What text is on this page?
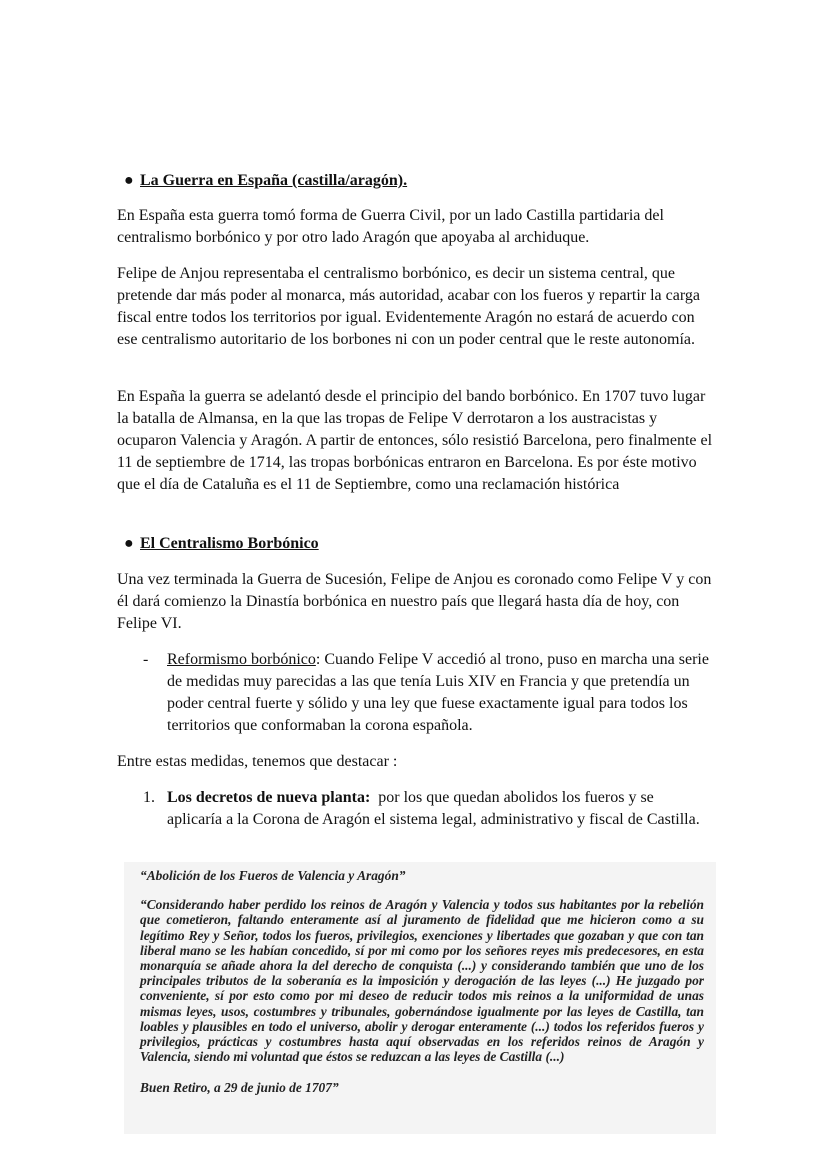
● La Guerra en España (castilla/aragón).

En España esta guerra tomó forma de Guerra Civil, por un lado Castilla partidaria del centralismo borbónico y por otro lado Aragón que apoyaba al archiduque.

Felipe de Anjou representaba el centralismo borbónico, es decir un sistema central, que pretende dar más poder al monarca, más autoridad, acabar con los fueros y repartir la carga fiscal entre todos los territorios por igual. Evidentemente Aragón no estará de acuerdo con ese centralismo autoritario de los borbones ni con un poder central que le reste autonomía.

En España la guerra se adelantó desde el principio del bando borbónico. En 1707 tuvo lugar la batalla de Almansa, en la que las tropas de Felipe V derrotaron a los austracistas y ocuparon Valencia y Aragón. A partir de entonces, sólo resistió Barcelona, pero finalmente el 11 de septiembre de 1714, las tropas borbónicas entraron en Barcelona. Es por éste motivo que el día de Cataluña es el 11 de Septiembre, como una reclamación histórica

● El Centralismo Borbónico

Una vez terminada la Guerra de Sucesión, Felipe de Anjou es coronado como Felipe V y con él dará comienzo la Dinastía borbónica en nuestro país que llegará hasta día de hoy, con Felipe VI.

- Reformismo borbónico: Cuando Felipe V accedió al trono, puso en marcha una serie de medidas muy parecidas a las que tenía Luis XIV en Francia y que pretendía un poder central fuerte y sólido y una ley que fuese exactamente igual para todos los territorios que conformaban la corona española.

Entre estas medidas, tenemos que destacar :

1. Los decretos de nueva planta:  por los que quedan abolidos los fueros y se aplicaría a la Corona de Aragón el sistema legal, administrativo y fiscal de Castilla.

“Abolición de los Fueros de Valencia y Aragón”

“Considerando haber perdido los reinos de Aragón y Valencia y todos sus habitantes por la rebelión que cometieron, faltando enteramente así al juramento de fidelidad que me hicieron como a su legítimo Rey y Señor, todos los fueros, privilegios, exenciones y libertades que gozaban y que con tan liberal mano se les habían concedido, sí por mi como por los señores reyes mis predecesores, en esta monarquía se añade ahora la del derecho de conquista (...) y considerando también que uno de los principales tributos de la soberanía es la imposición y derogación de las leyes (...) He juzgado por conveniente, sí por esto como por mi deseo de reducir todos mis reinos a la uniformidad de unas mismas leyes, usos, costumbres y tribunales, gobernándose igualmente por las leyes de Castilla, tan loables y plausibles en todo el universo, abolir y derogar enteramente (...) todos los referidos fueros y privilegios, prácticas y costumbres hasta aquí observadas en los referidos reinos de Aragón y Valencia, siendo mi voluntad que éstos se reduzcan a las leyes de Castilla (...)

Buen Retiro, a 29 de junio de 1707”
